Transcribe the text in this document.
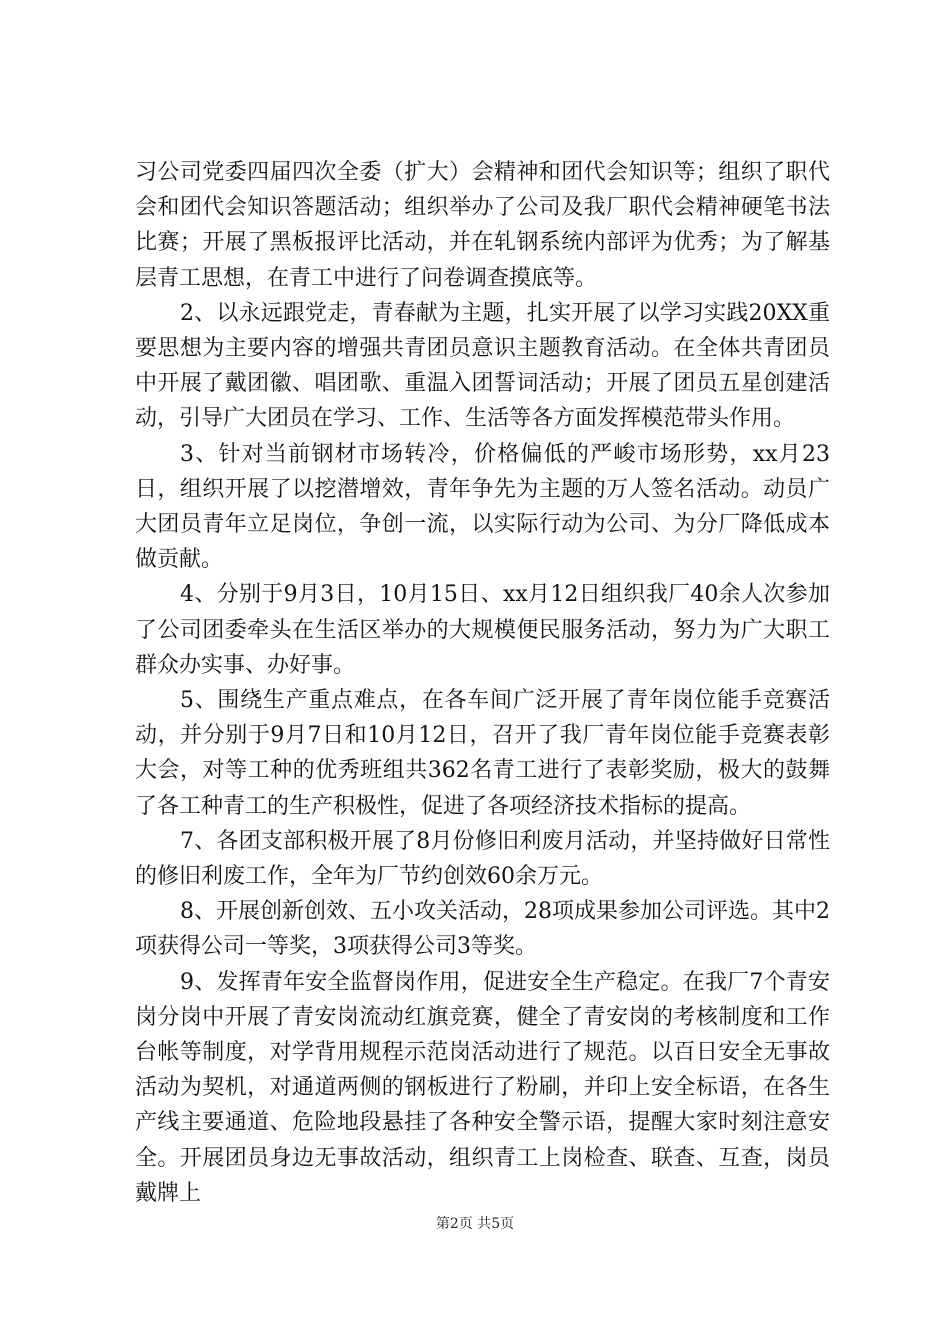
习公司党委四届四次全委（扩大）会精神和团代会知识等；组织了职代会和团代会知识答题活动；组织举办了公司及我厂职代会精神硬笔书法比赛；开展了黑板报评比活动，并在轧钢系统内部评为优秀；为了解基层青工思想，在青工中进行了问卷调查摸底等。

2、以永远跟党走，青春献为主题，扎实开展了以学习实践20XX重要思想为主要内容的增强共青团员意识主题教育活动。在全体共青团员中开展了戴团徽、唱团歌、重温入团誓词活动；开展了团员五星创建活动，引导广大团员在学习、工作、生活等各方面发挥模范带头作用。

3、针对当前钢材市场转冷，价格偏低的严峻市场形势，xx月23日，组织开展了以挖潜增效，青年争先为主题的万人签名活动。动员广大团员青年立足岗位，争创一流，以实际行动为公司、为分厂降低成本做贡献。

4、分别于9月3日，10月15日、xx月12日组织我厂40余人次参加了公司团委牵头在生活区举办的大规模便民服务活动，努力为广大职工群众办实事、办好事。

5、围绕生产重点难点，在各车间广泛开展了青年岗位能手竞赛活动，并分别于9月7日和10月12日，召开了我厂青年岗位能手竞赛表彰大会，对等工种的优秀班组共362名青工进行了表彰奖励，极大的鼓舞了各工种青工的生产积极性，促进了各项经济技术指标的提高。

7、各团支部积极开展了8月份修旧利废月活动，并坚持做好日常性的修旧利废工作，全年为厂节约创效60余万元。

8、开展创新创效、五小攻关活动，28项成果参加公司评选。其中2项获得公司一等奖，3项获得公司3等奖。

9、发挥青年安全监督岗作用，促进安全生产稳定。在我厂7个青安岗分岗中开展了青安岗流动红旗竞赛，健全了青安岗的考核制度和工作台帐等制度，对学背用规程示范岗活动进行了规范。以百日安全无事故活动为契机，对通道两侧的钢板进行了粉刷，并印上安全标语，在各生产线主要通道、危险地段悬挂了各种安全警示语，提醒大家时刻注意安全。开展团员身边无事故活动，组织青工上岗检查、联查、互查，岗员戴牌上

第2页 共5页
